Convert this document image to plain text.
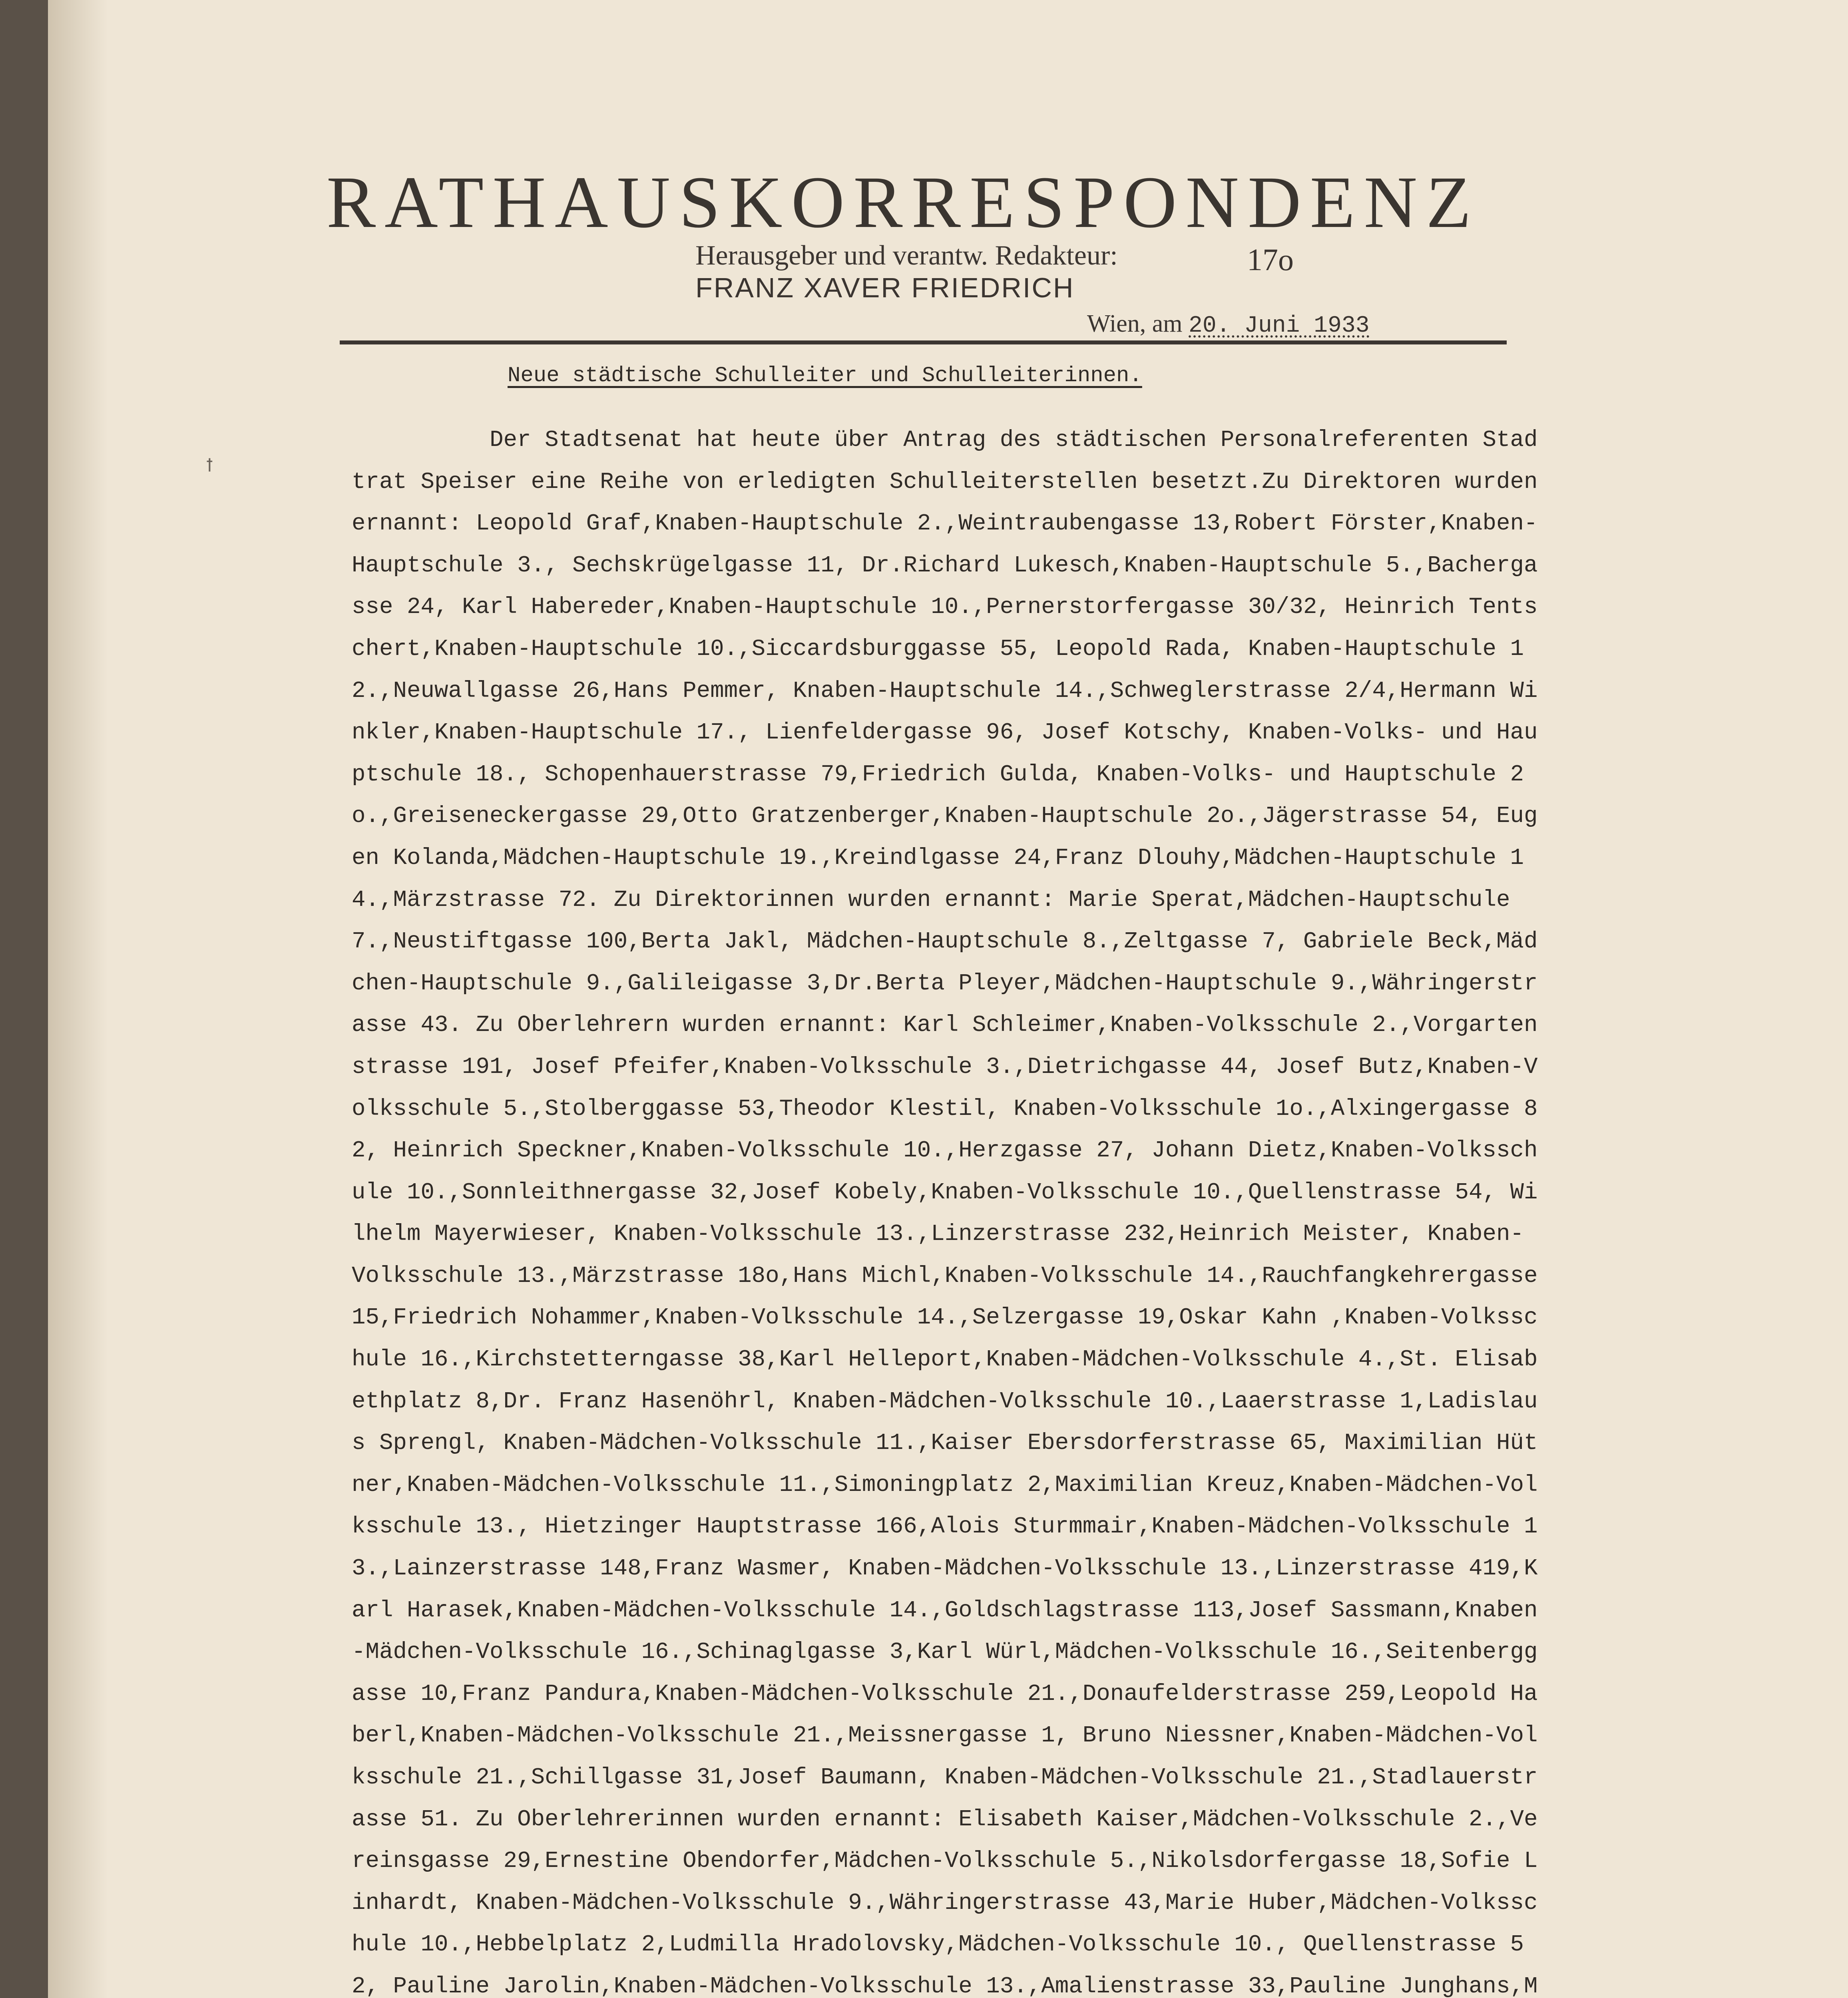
RATHAUSKORRESPONDENZ
Herausgeber und verantw. Redakteur:	17o
FRANZ XAVER FRIEDRICH
Wien, am 20. Juni 1933
Neue städtische Schulleiter und Schulleiterinnen.
ꝉ
Der Stadtsenat hat heute über Antrag des städtischen Personalreferenten Stadtrat Speiser eine Reihe von erledigten Schulleiterstellen besetzt.Zu Direktoren wurden ernannt: Leopold Graf,Knaben-Hauptschule 2.,Weintraubengasse 13,Robert Förster,Knaben-Hauptschule 3., Sechskrügelgasse 11, Dr.Richard Lukesch,Knaben-Hauptschule 5.,Bachergasse 24, Karl Habereder,Knaben-Hauptschule 10.,Pernerstorfergasse 30/32, Heinrich Tentschert,Knaben-Hauptschule 10.,Siccardsburggasse 55, Leopold Rada, Knaben-Hauptschule 12.,Neuwallgasse 26,Hans Pemmer, Knaben-Hauptschule 14.,Schweglerstrasse 2/4,Hermann Winkler,Knaben-Hauptschule 17., Lienfeldergasse 96, Josef Kotschy, Knaben-Volks- und Hauptschule 18., Schopenhauerstrasse 79,Friedrich Gulda, Knaben-Volks- und Hauptschule 2o.,Greiseneckergasse 29,Otto Gratzenberger,Knaben-Hauptschule 2o.,Jägerstrasse 54, Eugen Kolanda,Mädchen-Hauptschule 19.,Kreindlgasse 24,Franz Dlouhy,Mädchen-Hauptschule 14.,Märzstrasse 72. Zu Direktorinnen wurden ernannt: Marie Sperat,Mädchen-Hauptschule 7.,Neustiftgasse 100,Berta Jakl, Mädchen-Hauptschule 8.,Zeltgasse 7, Gabriele Beck,Mädchen-Hauptschule 9.,Galileigasse 3,Dr.Berta Pleyer,Mädchen-Hauptschule 9.,Währingerstrasse 43. Zu Oberlehrern wurden ernannt: Karl Schleimer,Knaben-Volksschule 2.,Vorgartenstrasse 191, Josef Pfeifer,Knaben-Volksschule 3.,Dietrichgasse 44, Josef Butz,Knaben-Volksschule 5.,Stolberggasse 53,Theodor Klestil, Knaben-Volksschule 1o.,Alxingergasse 82, Heinrich Speckner,Knaben-Volksschule 10.,Herzgasse 27, Johann Dietz,Knaben-Volksschule 10.,Sonnleithnergasse 32,Josef Kobely,Knaben-Volksschule 10.,Quellenstrasse 54, Wilhelm Mayerwieser, Knaben-Volksschule 13.,Linzerstrasse 232,Heinrich Meister, Knaben- Volksschule 13.,Märzstrasse 18o,Hans Michl,Knaben-Volksschule 14.,Rauchfangkehrergasse 15,Friedrich Nohammer,Knaben-Volksschule 14.,Selzergasse 19,Oskar Kahn ,Knaben-Volksschule 16.,Kirchstetterngasse 38,Karl Helleport,Knaben-Mädchen-Volksschule 4.,St. Elisabethplatz 8,Dr. Franz Hasenöhrl, Knaben-Mädchen-Volksschule 10.,Laaerstrasse 1,Ladislaus Sprengl, Knaben-Mädchen-Volksschule 11.,Kaiser Ebersdorferstrasse 65, Maximilian Hütner,Knaben-Mädchen-Volksschule 11.,Simoningplatz 2,Maximilian Kreuz,Knaben-Mädchen-Volksschule 13., Hietzinger Hauptstrasse 166,Alois Sturmmair,Knaben-Mädchen-Volksschule 13.,Lainzerstrasse 148,Franz Wasmer, Knaben-Mädchen-Volksschule 13.,Linzerstrasse 419,Karl Harasek,Knaben-Mädchen-Volksschule 14.,Goldschlagstrasse 113,Josef Sassmann,Knaben-Mädchen-Volksschule 16.,Schinaglgasse 3,Karl Würl,Mädchen-Volksschule 16.,Seitenberggasse 10,Franz Pandura,Knaben-Mädchen-Volksschule 21.,Donaufelderstrasse 259,Leopold Haberl,Knaben-Mädchen-Volksschule 21.,Meissnergasse 1, Bruno Niessner,Knaben-Mädchen-Volksschule 21.,Schillgasse 31,Josef Baumann, Knaben-Mädchen-Volksschule 21.,Stadlauerstrasse 51. Zu Oberlehrerinnen wurden ernannt: Elisabeth Kaiser,Mädchen-Volksschule 2.,Vereinsgasse 29,Ernestine Obendorfer,Mädchen-Volksschule 5.,Nikolsdorfergasse 18,Sofie Linhardt, Knaben-Mädchen-Volksschule 9.,Währingerstrasse 43,Marie Huber,Mädchen-Volksschule 10.,Hebbelplatz 2,Ludmilla Hradolovsky,Mädchen-Volksschule 10., Quellenstrasse 52, Pauline Jarolin,Knaben-Mädchen-Volksschule 13.,Amalienstrasse 33,Pauline Junghans,M
